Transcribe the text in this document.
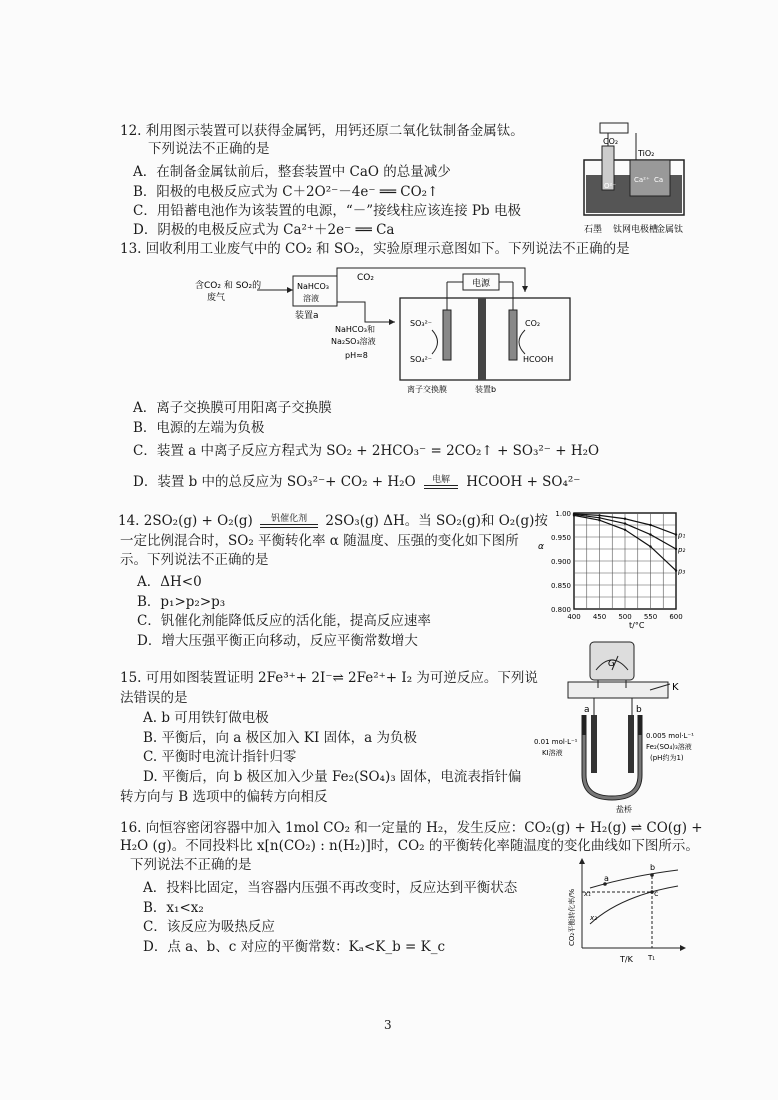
12. 利用图示装置可以获得金属钙，用钙还原二氧化钛制备金属钛。
下列说法不正确的是
A．在制备金属钛前后，整套装置中 CaO 的总量减少
B．阳极的电极反应式为 C＋2O²⁻－4e⁻ ══ CO₂↑
C．用铅蓄电池作为该装置的电源，“－”接线柱应该连接 Pb 电极
D．阴极的电极反应式为 Ca²⁺＋2e⁻ ══ Ca
CO₂
TiO₂
O²⁻
Ca²⁺ Ca
石墨 钛网电极槽
金属钛
13. 回收利用工业废气中的 CO₂ 和 SO₂，实验原理示意图如下。下列说法不正确的是
含CO₂ 和 SO₂的
废气
NaHCO₃
溶液
装置a
CO₂
NaHCO₃和
Na₂SO₃溶液
pH≈8
电源
SO₃²⁻
SO₄²⁻
CO₂
HCOOH
离子交换膜	装置b
A．离子交换膜可用阳离子交换膜
B．电源的左端为负极
C．装置 a 中离子反应方程式为 SO₂ + 2HCO₃⁻ = 2CO₂↑ + SO₃²⁻ + H₂O
D．装置 b 中的总反应为 SO₃²⁻+ CO₂ + H₂O	电解	HCOOH + SO₄²⁻
14. 2SO₂(g) + O₂(g)	钒催化剂	2SO₃(g) ΔH。当 SO₂(g)和 O₂(g)按
一定比例混合时，SO₂ 平衡转化率 α 随温度、压强的变化如下图所
示。下列说法不正确的是
A．ΔH<0
B．p₁>p₂>p₃
C．钒催化剂能降低反应的活化能，提高反应速率
D．增大压强平衡正向移动，反应平衡常数增大
α
t/°C
1.00
0.950
0.900
0.850
0.800
400 450 500 550 600
p₁
p₂
p₃
15. 可用如图装置证明 2Fe³⁺+ 2I⁻⇌ 2Fe²⁺+ I₂ 为可逆反应。下列说
法错误的是
A. b 可用铁钉做电极
B. 平衡后，向 a 极区加入 KI 固体，a 为负极
C. 平衡时电流计指针归零
D. 平衡后，向 b 极区加入少量 Fe₂(SO₄)₃ 固体，电流表指针偏
转方向与 B 选项中的偏转方向相反
G
K
a	b
0.01 mol·L⁻¹
KI溶液
0.005 mol·L⁻¹
Fe₂(SO₄)₃溶液
(pH约为1)
盐桥
16. 向恒容密闭容器中加入 1mol CO₂ 和一定量的 H₂，发生反应：CO₂(g) + H₂(g) ⇌ CO(g) +
H₂O (g)。不同投料比 x[n(CO₂) : n(H₂)]时，CO₂ 的平衡转化率随温度的变化曲线如下图所示。
下列说法不正确的是
A．投料比固定，当容器内压强不再改变时，反应达到平衡状态
B．x₁<x₂
C．该反应为吸热反应
D．点 a、b、c 对应的平衡常数：Kₐ<K_b = K_c
CO₂平衡转化率/%
a
b
c
x₁
x₂
T/K T₁
3
